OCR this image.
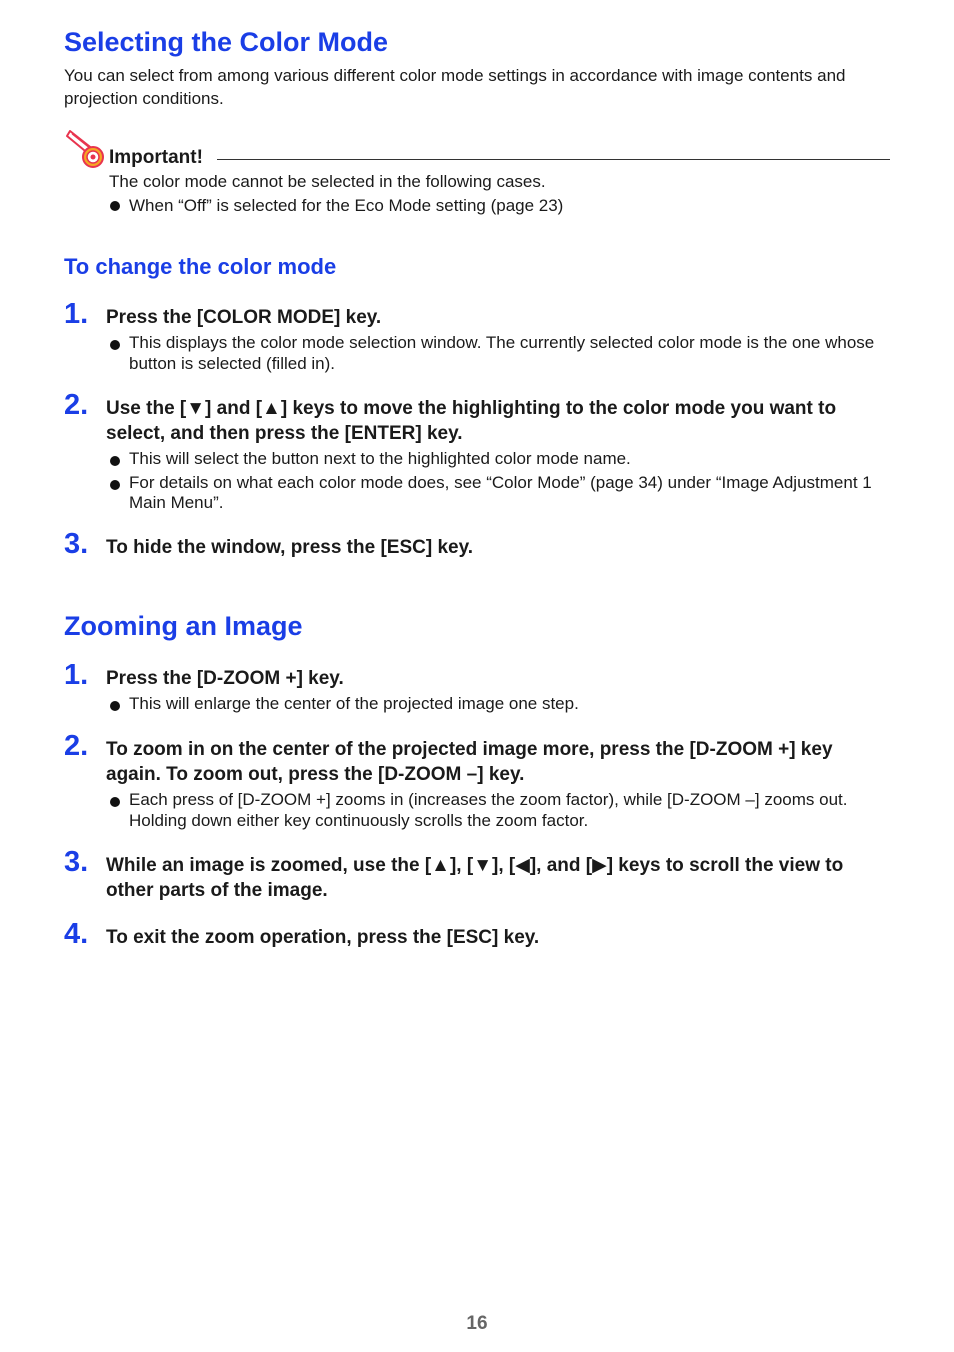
Selecting the Color Mode

You can select from among various different color mode settings in accordance with image contents and projection conditions.

Important!
The color mode cannot be selected in the following cases.
When “Off” is selected for the Eco Mode setting (page 23)
To change the color mode
1. Press the [COLOR MODE] key.
This displays the color mode selection window. The currently selected color mode is the one whose button is selected (filled in).
2. Use the [▼] and [▲] keys to move the highlighting to the color mode you want to select, and then press the [ENTER] key.
This will select the button next to the highlighted color mode name.
For details on what each color mode does, see “Color Mode” (page 34) under “Image Adjustment 1 Main Menu”.
3. To hide the window, press the [ESC] key.
Zooming an Image
1. Press the [D-ZOOM +] key.
This will enlarge the center of the projected image one step.
2. To zoom in on the center of the projected image more, press the [D-ZOOM +] key again. To zoom out, press the [D-ZOOM –] key.
Each press of [D-ZOOM +] zooms in (increases the zoom factor), while [D-ZOOM –] zooms out. Holding down either key continuously scrolls the zoom factor.
3. While an image is zoomed, use the [▲], [▼], [◀], and [▶] keys to scroll the view to other parts of the image.
4. To exit the zoom operation, press the [ESC] key.
16
